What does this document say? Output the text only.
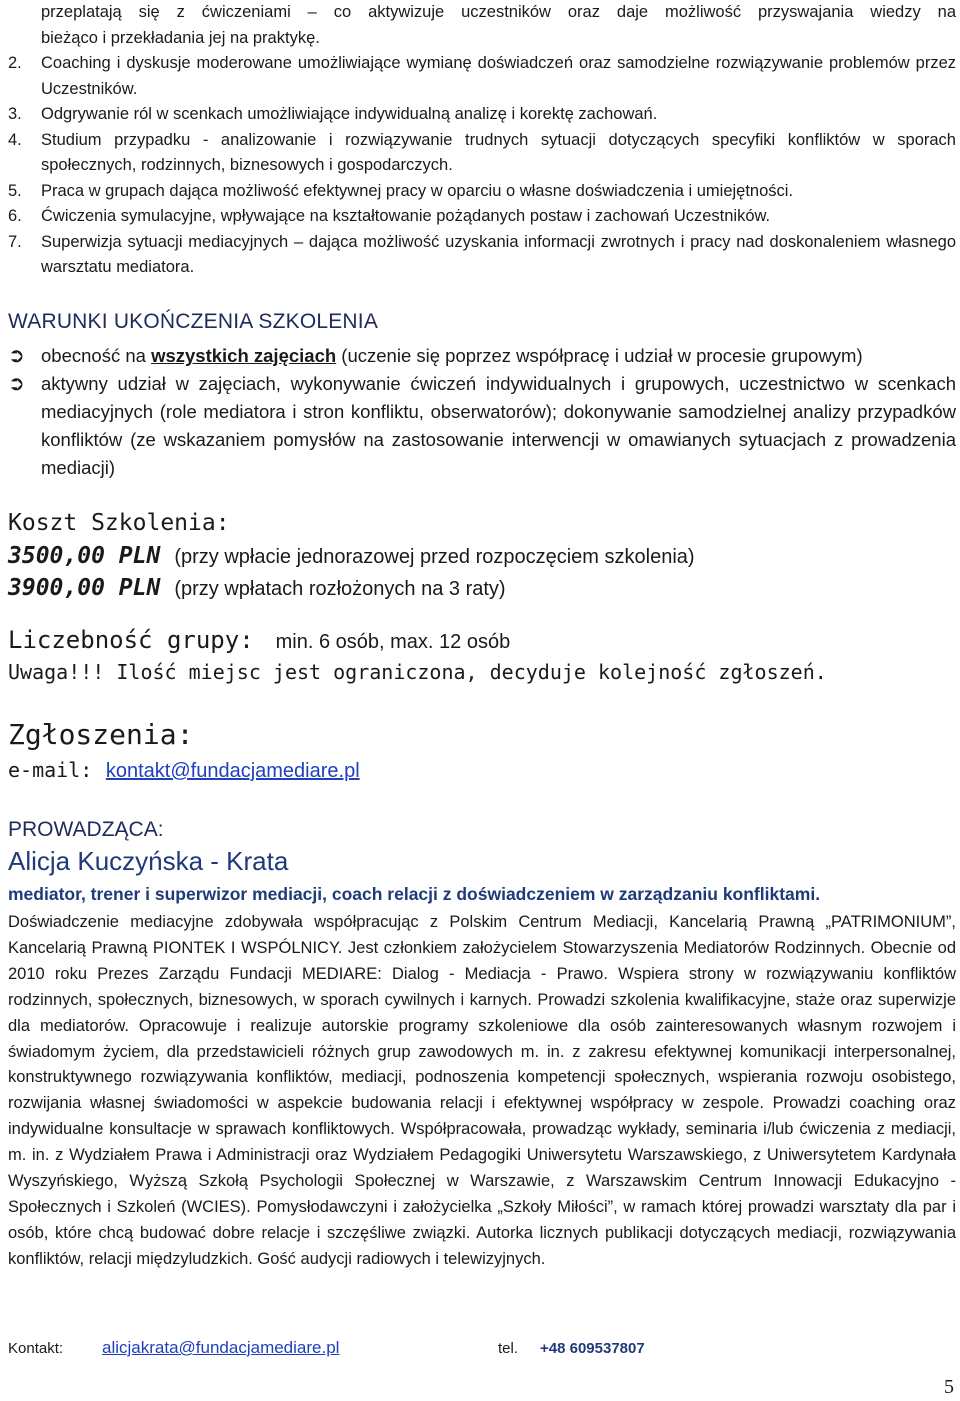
przeplatają się z ćwiczeniami – co aktywizuje uczestników oraz daje możliwość przyswajania wiedzy na
bieżąco i przekładania jej na praktykę.
2. Coaching i dyskusje moderowane umożliwiające wymianę doświadczeń oraz samodzielne rozwiązywanie problemów przez Uczestników.
3. Odgrywanie ról w scenkach umożliwiające indywidualną analizę i korektę zachowań.
4. Studium przypadku - analizowanie i rozwiązywanie trudnych sytuacji dotyczących specyfiki konfliktów w sporach społecznych, rodzinnych, biznesowych i gospodarczych.
5. Praca w grupach dająca możliwość efektywnej pracy w oparciu o własne doświadczenia i umiejętności.
6. Ćwiczenia symulacyjne, wpływające na kształtowanie pożądanych postaw i zachowań Uczestników.
7. Superwizja sytuacji mediacyjnych – dająca możliwość uzyskania informacji zwrotnych i pracy nad doskonaleniem własnego warsztatu mediatora.
WARUNKI UKOŃCZENIA SZKOLENIA
➲ obecność na wszystkich zajęciach (uczenie się poprzez współpracę i udział w procesie grupowym)
➲ aktywny udział w zajęciach, wykonywanie ćwiczeń indywidualnych i grupowych, uczestnictwo w scenkach mediacyjnych (role mediatora i stron konfliktu, obserwatorów); dokonywanie samodzielnej analizy przypadków konfliktów (ze wskazaniem pomysłów na zastosowanie interwencji w omawianych sytuacjach z prowadzenia mediacji)
Koszt Szkolenia:
3500,00 PLN (przy wpłacie jednorazowej przed rozpoczęciem szkolenia)
3900,00 PLN (przy wpłatach rozłożonych na 3 raty)
Liczebność grupy: min. 6 osób, max. 12 osób
Uwaga!!! Ilość miejsc jest ograniczona, decyduje kolejność zgłoszeń.
Zgłoszenia:
e-mail: kontakt@fundacjamediare.pl
PROWADZĄCA:
Alicja Kuczyńska - Krata
mediator, trener i superwizor mediacji, coach relacji z doświadczeniem w zarządzaniu konfliktami.
Doświadczenie mediacyjne zdobywała współpracując z Polskim Centrum Mediacji, Kancelarią Prawną „PATRIMONIUM”, Kancelarią Prawną PIONTEK I WSPÓLNICY. Jest członkiem założycielem Stowarzyszenia Mediatorów Rodzinnych. Obecnie od 2010 roku Prezes Zarządu Fundacji MEDIARE: Dialog - Mediacja - Prawo. Wspiera strony w rozwiązywaniu konfliktów rodzinnych, społecznych, biznesowych, w sporach cywilnych i karnych. Prowadzi szkolenia kwalifikacyjne, staże oraz superwizje dla mediatorów. Opracowuje i realizuje autorskie programy szkoleniowe dla osób zainteresowanych własnym rozwojem i świadomym życiem, dla przedstawicieli różnych grup zawodowych m. in. z zakresu efektywnej komunikacji interpersonalnej, konstruktywnego rozwiązywania konfliktów, mediacji, podnoszenia kompetencji społecznych, wspierania rozwoju osobistego, rozwijania własnej świadomości w aspekcie budowania relacji i efektywnej współpracy w zespole. Prowadzi coaching oraz indywidualne konsultacje w sprawach konfliktowych. Współpracowała, prowadząc wykłady, seminaria i/lub ćwiczenia z mediacji, m. in. z Wydziałem Prawa i Administracji oraz Wydziałem Pedagogiki Uniwersytetu Warszawskiego, z Uniwersytetem Kardynała Wyszyńskiego, Wyższą Szkołą Psychologii Społecznej w Warszawie, z Warszawskim Centrum Innowacji Edukacyjno - Społecznych i Szkoleń (WCIES). Pomysłodawczyni i założycielka „Szkoły Miłości”, w ramach której prowadzi warsztaty dla par i osób, które chcą budować dobre relacje i szczęśliwe związki. Autorka licznych publikacji dotyczących mediacji, rozwiązywania konfliktów, relacji międzyludzkich. Gość audycji radiowych i telewizyjnych.
Kontakt: alicjakrata@fundacjamediare.pl	tel. +48 609537807
5
